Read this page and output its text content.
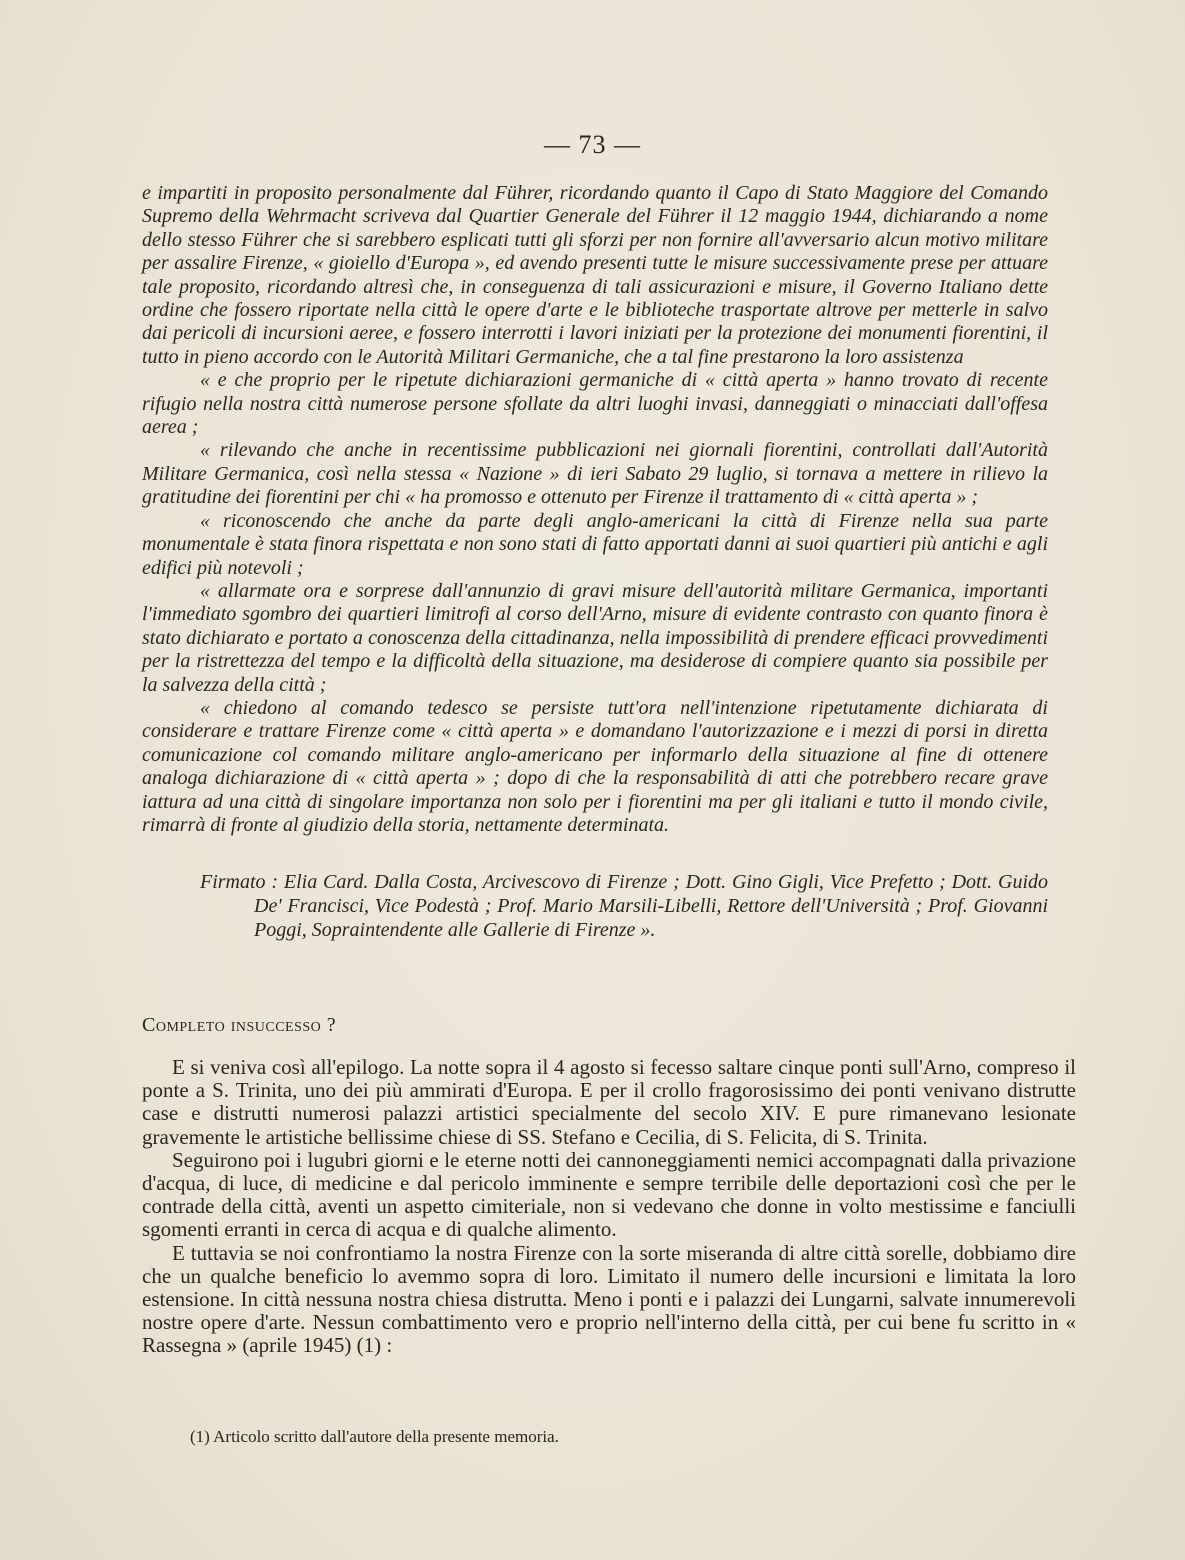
— 73 —

e impartiti in proposito personalmente dal Führer, ricordando quanto il Capo di Stato Maggiore del Comando Supremo della Wehrmacht scriveva dal Quartier Generale del Führer il 12 maggio 1944, dichiarando a nome dello stesso Führer che si sarebbero esplicati tutti gli sforzi per non fornire all'avversario alcun motivo militare per assalire Firenze, « gioiello d'Europa », ed avendo presenti tutte le misure successivamente prese per attuare tale proposito, ricordando altresì che, in conseguenza di tali assicurazioni e misure, il Governo Italiano dette ordine che fossero riportate nella città le opere d'arte e le biblioteche trasportate altrove per metterle in salvo dai pericoli di incursioni aeree, e fossero interrotti i lavori iniziati per la protezione dei monumenti fiorentini, il tutto in pieno accordo con le Autorità Militari Germaniche, che a tal fine prestarono la loro assistenza

« e che proprio per le ripetute dichiarazioni germaniche di « città aperta » hanno trovato di recente rifugio nella nostra città numerose persone sfollate da altri luoghi invasi, danneggiati o minacciati dall'offesa aerea ;

« rilevando che anche in recentissime pubblicazioni nei giornali fiorentini, controllati dall'Autorità Militare Germanica, così nella stessa « Nazione » di ieri Sabato 29 luglio, si tornava a mettere in rilievo la gratitudine dei fiorentini per chi « ha promosso e ottenuto per Firenze il trattamento di « città aperta » ;

« riconoscendo che anche da parte degli anglo-americani la città di Firenze nella sua parte monumentale è stata finora rispettata e non sono stati di fatto apportati danni ai suoi quartieri più antichi e agli edifici più notevoli ;

« allarmate ora e sorprese dall'annunzio di gravi misure dell'autorità militare Germanica, importanti l'immediato sgombro dei quartieri limitrofi al corso dell'Arno, misure di evidente contrasto con quanto finora è stato dichiarato e portato a conoscenza della cittadinanza, nella impossibilità di prendere efficaci provvedimenti per la ristrettezza del tempo e la difficoltà della situazione, ma desiderose di compiere quanto sia possibile per la salvezza della città ;

« chiedono al comando tedesco se persiste tutt'ora nell'intenzione ripetutamente dichiarata di considerare e trattare Firenze come « città aperta » e domandano l'autorizzazione e i mezzi di porsi in diretta comunicazione col comando militare anglo-americano per informarlo della situazione al fine di ottenere analoga dichiarazione di « città aperta » ; dopo di che la responsabilità di atti che potrebbero recare grave iattura ad una città di singolare importanza non solo per i fiorentini ma per gli italiani e tutto il mondo civile, rimarrà di fronte al giudizio della storia, nettamente determinata.

Firmato : Elia Card. Dalla Costa, Arcivescovo di Firenze ; Dott. Gino Gigli, Vice Prefetto ; Dott. Guido De' Francisci, Vice Podestà ; Prof. Mario Marsili-Libelli, Rettore dell'Università ; Prof. Giovanni Poggi, Sopraintendente alle Gallerie di Firenze ».

Completo insuccesso ?

E si veniva così all'epilogo. La notte sopra il 4 agosto si fecesso saltare cinque ponti sull'Arno, compreso il ponte a S. Trinita, uno dei più ammirati d'Europa. E per il crollo fragorosissimo dei ponti venivano distrutte case e distrutti numerosi palazzi artistici specialmente del secolo XIV. E pure rimanevano lesionate gravemente le artistiche bellissime chiese di SS. Stefano e Cecilia, di S. Felicita, di S. Trinita.

Seguirono poi i lugubri giorni e le eterne notti dei cannoneggiamenti nemici accompagnati dalla privazione d'acqua, di luce, di medicine e dal pericolo imminente e sempre terribile delle deportazioni così che per le contrade della città, aventi un aspetto cimiteriale, non si vedevano che donne in volto mestissime e fanciulli sgomenti erranti in cerca di acqua e di qualche alimento.

E tuttavia se noi confrontiamo la nostra Firenze con la sorte miseranda di altre città sorelle, dobbiamo dire che un qualche beneficio lo avemmo sopra di loro. Limitato il numero delle incursioni e limitata la loro estensione. In città nessuna nostra chiesa distrutta. Meno i ponti e i palazzi dei Lungarni, salvate innumerevoli nostre opere d'arte. Nessun combattimento vero e proprio nell'interno della città, per cui bene fu scritto in « Rassegna » (aprile 1945) (1) :

(1) Articolo scritto dall'autore della presente memoria.
